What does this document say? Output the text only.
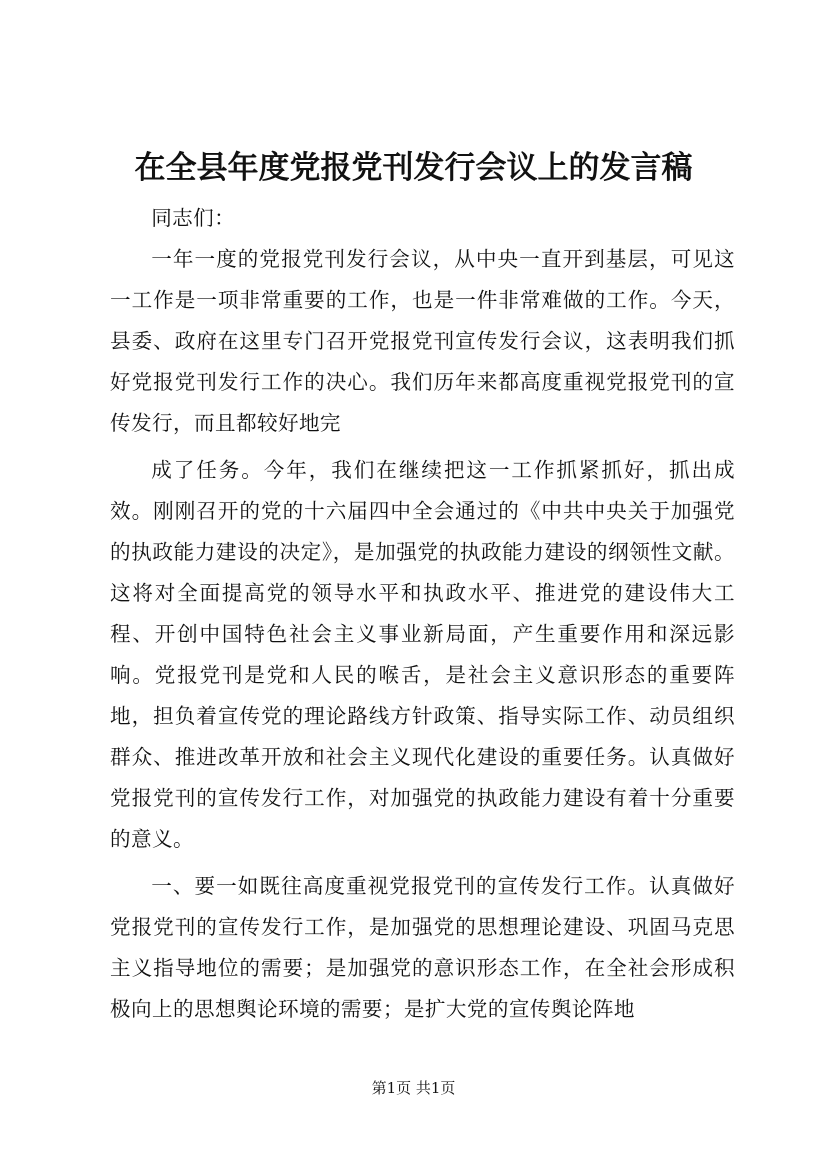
在全县年度党报党刊发行会议上的发言稿

同志们：

一年一度的党报党刊发行会议，从中央一直开到基层，可见这一工作是一项非常重要的工作，也是一件非常难做的工作。今天，县委、政府在这里专门召开党报党刊宣传发行会议，这表明我们抓好党报党刊发行工作的决心。我们历年来都高度重视党报党刊的宣传发行，而且都较好地完

成了任务。今年，我们在继续把这一工作抓紧抓好，抓出成效。刚刚召开的党的十六届四中全会通过的《中共中央关于加强党的执政能力建设的决定》，是加强党的执政能力建设的纲领性文献。这将对全面提高党的领导水平和执政水平、推进党的建设伟大工程、开创中国特色社会主义事业新局面，产生重要作用和深远影响。党报党刊是党和人民的喉舌，是社会主义意识形态的重要阵地，担负着宣传党的理论路线方针政策、指导实际工作、动员组织群众、推进改革开放和社会主义现代化建设的重要任务。认真做好党报党刊的宣传发行工作，对加强党的执政能力建设有着十分重要的意义。

一、要一如既往高度重视党报党刊的宣传发行工作。认真做好党报党刊的宣传发行工作，是加强党的思想理论建设、巩固马克思主义指导地位的需要；是加强党的意识形态工作，在全社会形成积极向上的思想舆论环境的需要；是扩大党的宣传舆论阵地

第1页 共1页
